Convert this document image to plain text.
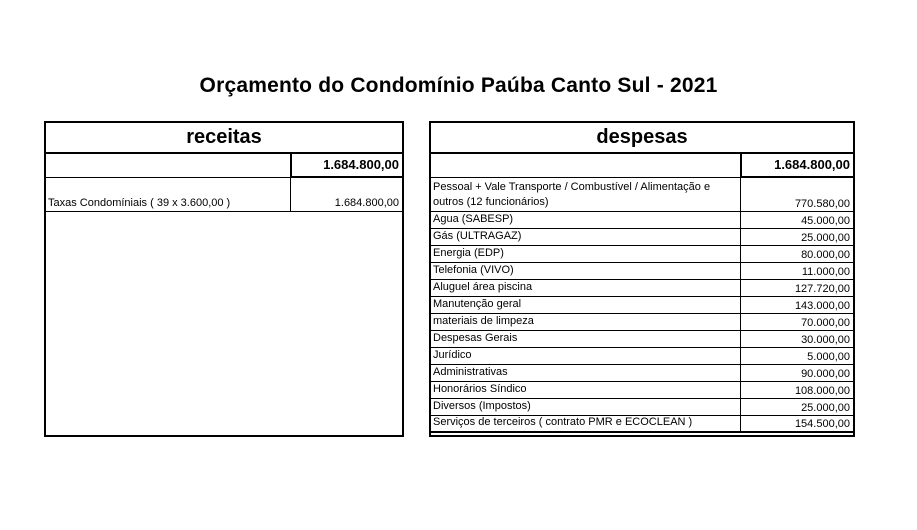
Orçamento do Condomínio Paúba Canto Sul - 2021
receitas
1.684.800,00
Taxas Condomíniais ( 39 x 3.600,00 )	1.684.800,00
despesas
1.684.800,00
Pessoal + Vale Transporte / Combustível / Alimentação e outros (12 funcionários)	770.580,00
Agua (SABESP)	45.000,00
Gás (ULTRAGAZ)	25.000,00
Energia (EDP)	80.000,00
Telefonia (VIVO)	11.000,00
Aluguel área piscina	127.720,00
Manutenção geral	143.000,00
materiais de limpeza	70.000,00
Despesas Gerais	30.000,00
Jurídico	5.000,00
Administrativas	90.000,00
Honorários Síndico	108.000,00
Diversos (Impostos)	25.000,00
Serviços de terceiros ( contrato PMR e ECOCLEAN )	154.500,00
